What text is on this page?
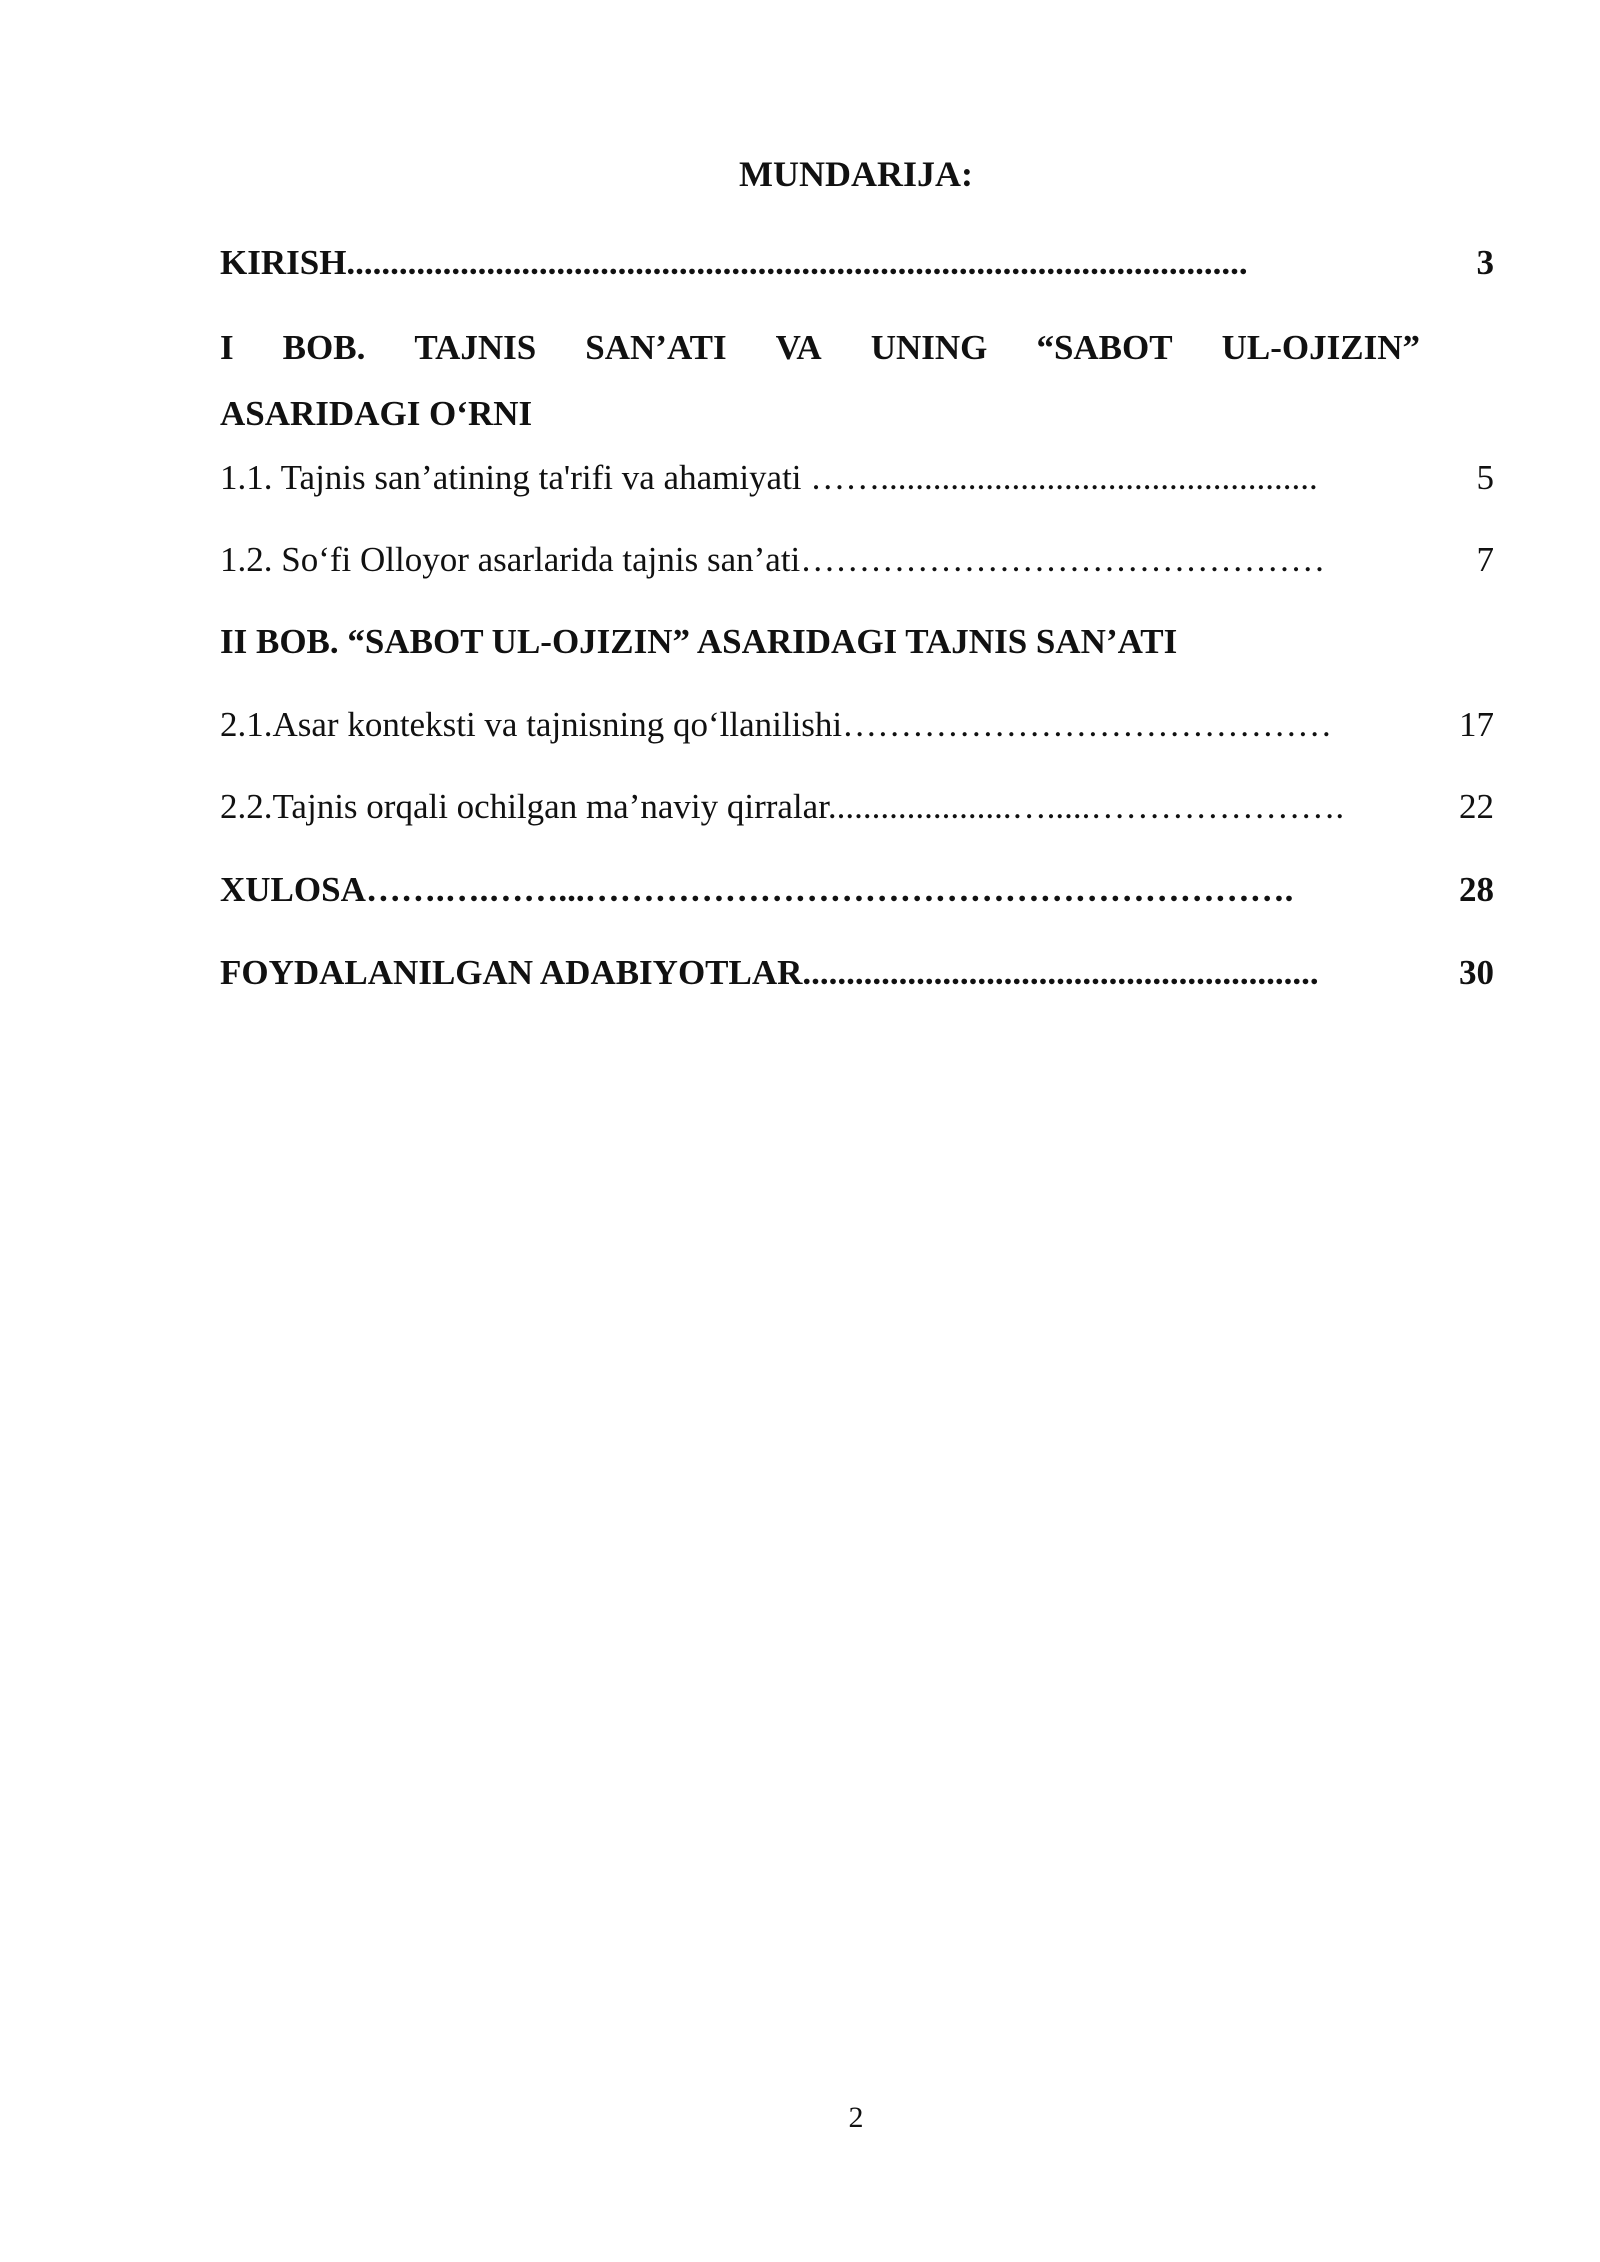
MUNDARIJA:
KIRISH.......................................................................................................	3
I BOB. TAJNIS SAN’ATI VA UNING “SABOT UL-OJIZIN”
ASARIDAGI O‘RNI
1.1. Tajnis san’atining ta'rifi va ahamiyati ……..................................................	5
1.2. So‘fi Olloyor asarlarida tajnis san’ati………………………………………	7
II BOB. “SABOT UL-OJIZIN” ASARIDAGI TAJNIS SAN’ATI
2.1.Asar konteksti va tajnisning qo‘llanilishi……………………………………	17
2.2.Tajnis orqali ochilgan ma’naviy qirralar.....................….....………………….	22
XULOSA…….….……...…………………………………………………….	28
FOYDALANILGAN ADABIYOTLAR...........................................................	30
2
